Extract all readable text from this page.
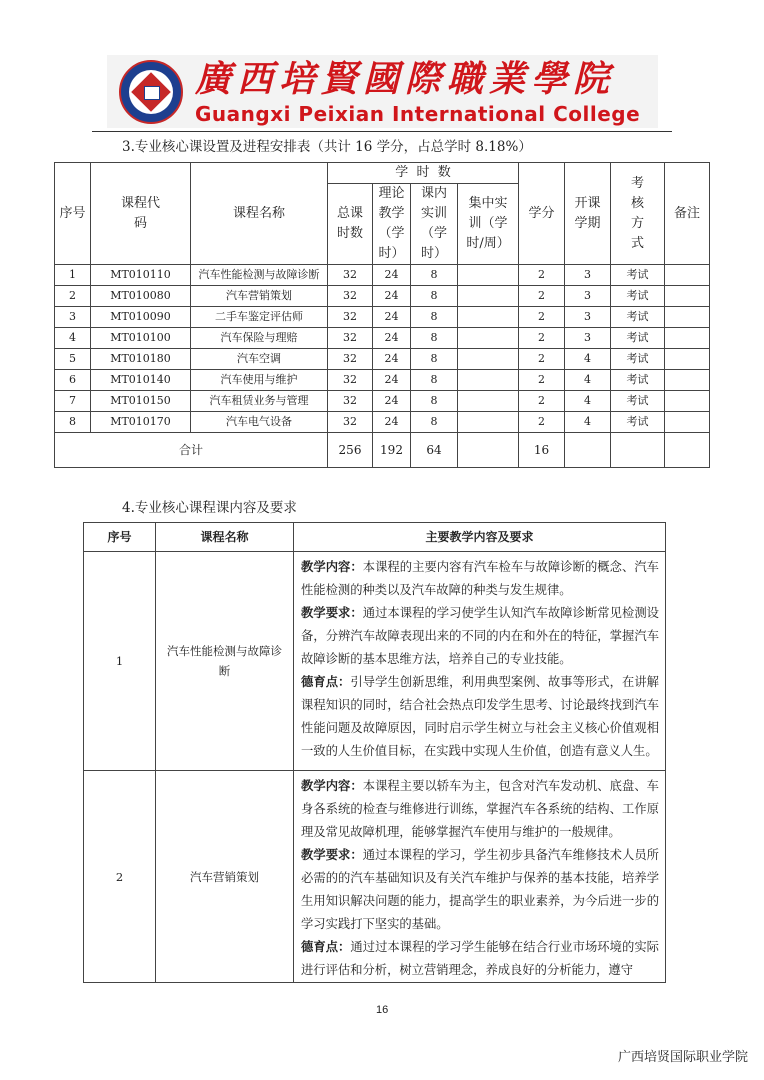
廣西培賢國際職業學院
Guangxi Peixian International College
3.专业核心课设置及进程安排表（共计 16 学分，占总学时 8.18%）
序号	课程代码	课程名称	学  时  数				学分	开课学期	考核方式	备注
			总课时数	理论教学（学时）	课内实训（学时）	集中实训（学时/周）				
1	MT010110	汽车性能检测与故障诊断	32	24	8		2	3	考试	
2	MT010080	汽车营销策划	32	24	8		2	3	考试	
3	MT010090	二手车鉴定评估师	32	24	8		2	3	考试	
4	MT010100	汽车保险与理赔	32	24	8		2	3	考试	
5	MT010180	汽车空调	32	24	8		2	4	考试	
6	MT010140	汽车使用与维护	32	24	8		2	4	考试	
7	MT010150	汽车租赁业务与管理	32	24	8		2	4	考试	
8	MT010170	汽车电气设备	32	24	8		2	4	考试	
合计			256	192	64		16			
4.专业核心课程课内容及要求
序号	课程名称	主要教学内容及要求
1	汽车性能检测与故障诊断	教学内容：本课程的主要内容有汽车检车与故障诊断的概念、汽车性能检测的种类以及汽车故障的种类与发生规律。

教学要求：通过本课程的学习使学生认知汽车故障诊断常见检测设备，分辨汽车故障表现出来的不同的内在和外在的特征，掌握汽车故障诊断的基本思维方法，培养自己的专业技能。

德育点：引导学生创新思维，利用典型案例、故事等形式，在讲解课程知识的同时，结合社会热点印发学生思考、讨论最终找到汽车性能问题及故障原因，同时启示学生树立与社会主义核心价值观相一致的人生价值目标，在实践中实现人生价值，创造有意义人生。

2	汽车营销策划	教学内容：本课程主要以轿车为主，包含对汽车发动机、底盘、车身各系统的检查与维修进行训练，掌握汽车各系统的结构、工作原理及常见故障机理，能够掌握汽车使用与维护的一般规律。

教学要求：通过本课程的学习，学生初步具备汽车维修技术人员所必需的的汽车基础知识及有关汽车维护与保养的基本技能，培养学生用知识解决问题的能力，提高学生的职业素养，为今后进一步的学习实践打下坚实的基础。

德育点：通过过本课程的学习学生能够在结合行业市场环境的实际进行评估和分析，树立营销理念，养成良好的分析能力，遵守

16
广西培贤国际职业学院
